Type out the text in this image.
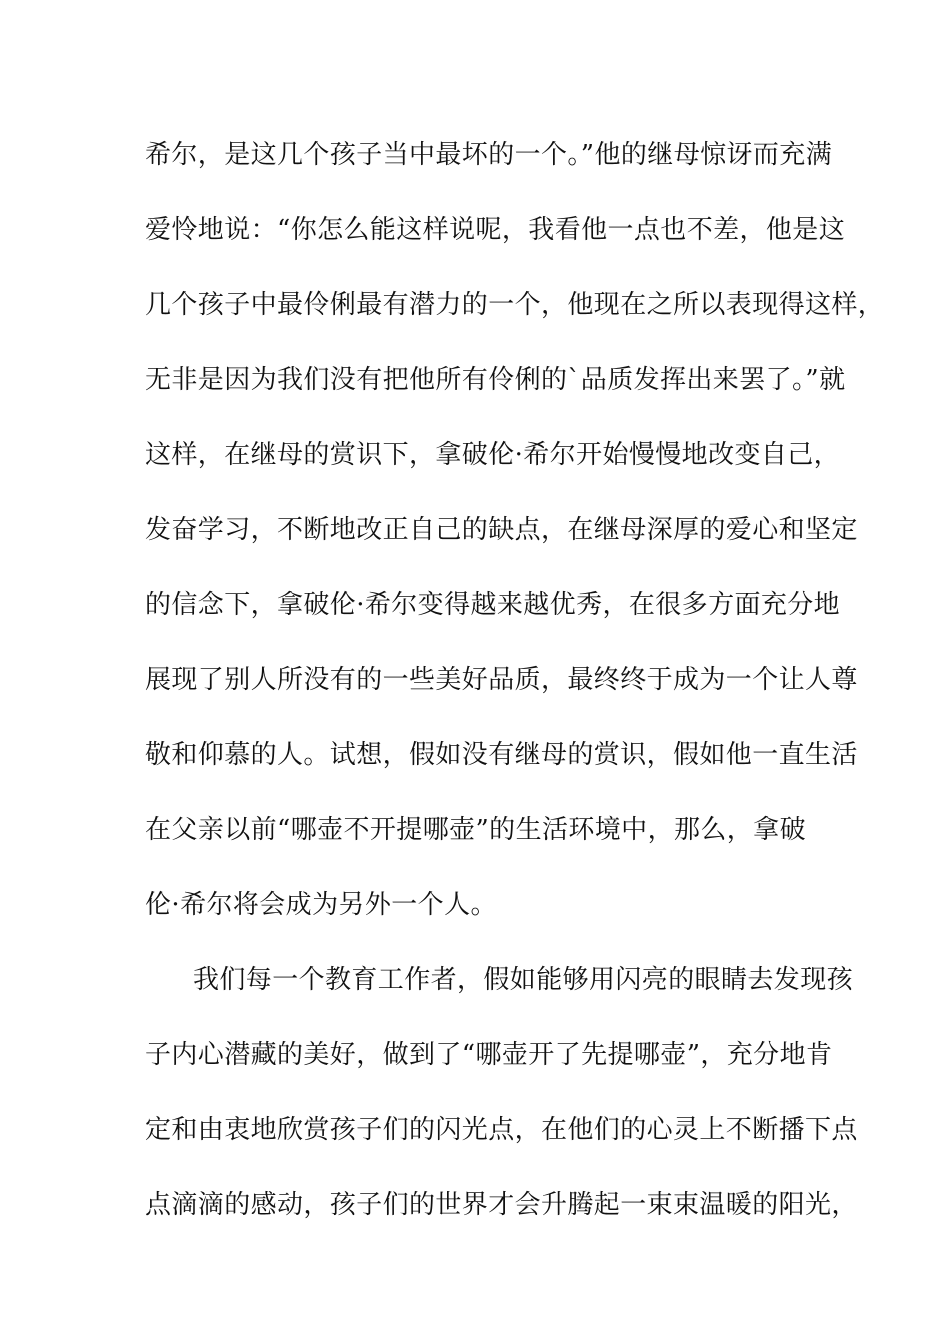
希尔，是这几个孩子当中最坏的一个。”他的继母惊讶而充满
爱怜地说：“你怎么能这样说呢，我看他一点也不差，他是这
几个孩子中最伶俐最有潜力的一个，他现在之所以表现得这样，
无非是因为我们没有把他所有伶俐的`品质发挥出来罢了。”就
这样，在继母的赏识下，拿破伦·希尔开始慢慢地改变自己，
发奋学习，不断地改正自己的缺点，在继母深厚的爱心和坚定
的信念下，拿破伦·希尔变得越来越优秀，在很多方面充分地
展现了别人所没有的一些美好品质，最终终于成为一个让人尊
敬和仰慕的人。试想，假如没有继母的赏识，假如他一直生活
在父亲以前“哪壶不开提哪壶”的生活环境中，那么，拿破
伦·希尔将会成为另外一个人。
我们每一个教育工作者，假如能够用闪亮的眼睛去发现孩
子内心潜藏的美好，做到了“哪壶开了先提哪壶”，充分地肯
定和由衷地欣赏孩子们的闪光点，在他们的心灵上不断播下点
点滴滴的感动，孩子们的世界才会升腾起一束束温暖的阳光，
